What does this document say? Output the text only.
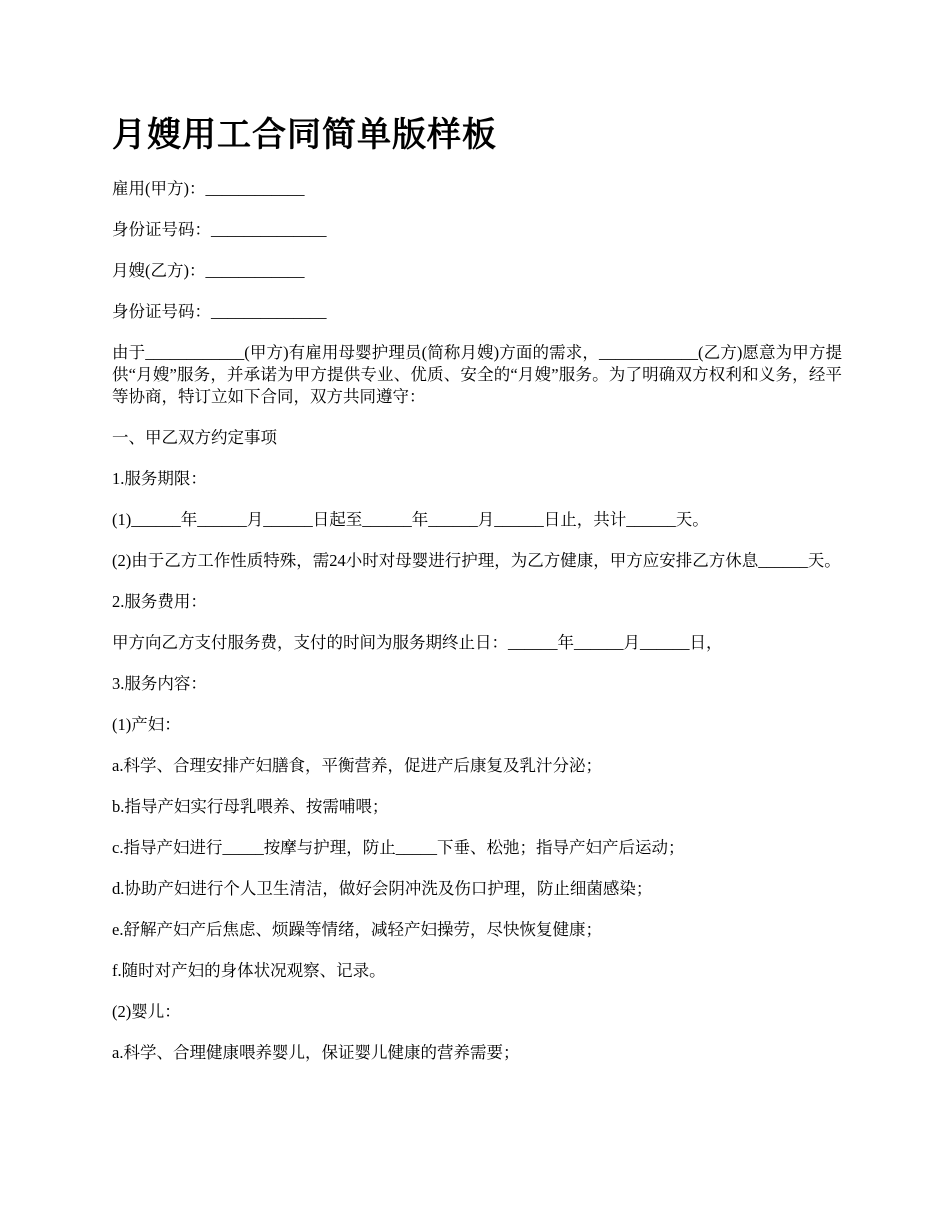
月嫂用工合同简单版样板

雇用(甲方)：____________

身份证号码：______________

月嫂(乙方)：____________

身份证号码：______________

由于____________(甲方)有雇用母婴护理员(简称月嫂)方面的需求，____________(乙方)愿意为甲方提供“月嫂”服务，并承诺为甲方提供专业、优质、安全的“月嫂”服务。为了明确双方权利和义务，经平等协商，特订立如下合同，双方共同遵守：

一、甲乙双方约定事项

1.服务期限：

(1)______年______月______日起至______年______月______日止，共计______天。

(2)由于乙方工作性质特殊，需24小时对母婴进行护理，为乙方健康，甲方应安排乙方休息______天。

2.服务费用：

甲方向乙方支付服务费，支付的时间为服务期终止日：______年______月______日，

3.服务内容：

(1)产妇：

a.科学、合理安排产妇膳食，平衡营养，促进产后康复及乳汁分泌；

b.指导产妇实行母乳喂养、按需哺喂；

c.指导产妇进行_____按摩与护理，防止_____下垂、松弛；指导产妇产后运动；

d.协助产妇进行个人卫生清洁，做好会阴冲洗及伤口护理，防止细菌感染；

e.舒解产妇产后焦虑、烦躁等情绪，减轻产妇操劳，尽快恢复健康；

f.随时对产妇的身体状况观察、记录。

(2)婴儿：

a.科学、合理健康喂养婴儿，保证婴儿健康的营养需要；
